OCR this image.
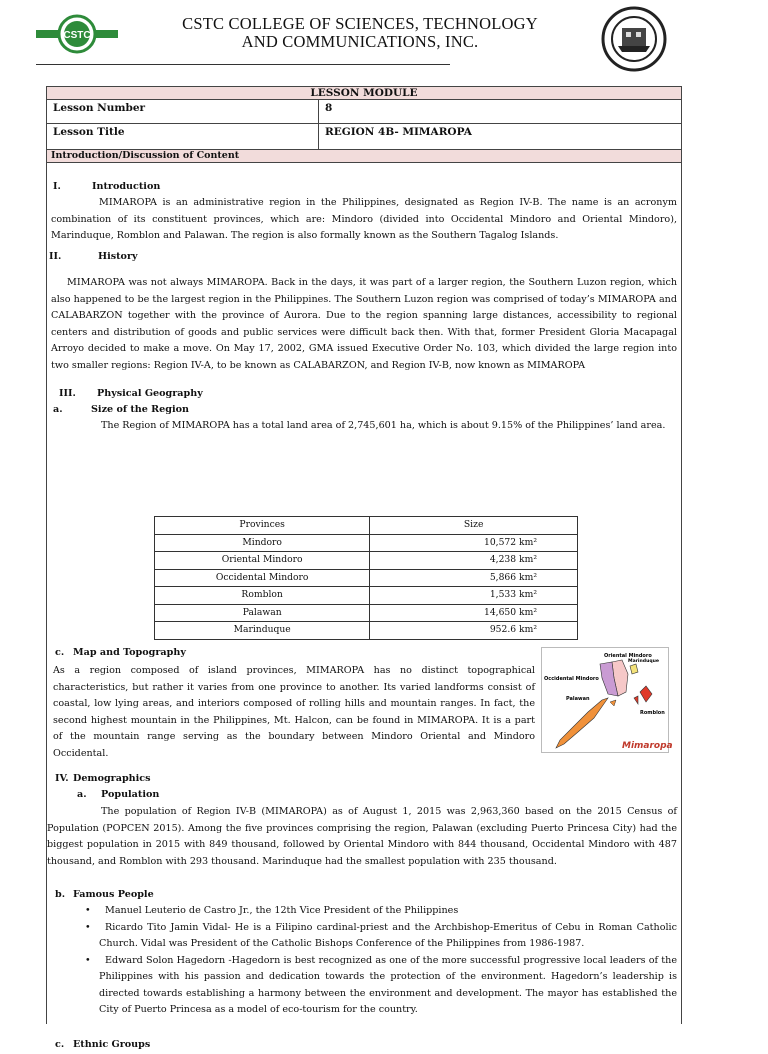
CSTC
CSTC COLLEGE OF SCIENCES, TECHNOLOGY
AND COMMUNICATIONS, INC.
LESSON MODULE
Lesson Number	8
Lesson Title	REGION 4B- MIMAROPA
Introduction/Discussion of Content
I.	Introduction

MIMAROPA is an administrative region in the Philippines, designated as Region IV-B. The name is an acronym combination of its constituent provinces, which are: Mindoro (divided into Occidental Mindoro and Oriental Mindoro), Marinduque, Romblon and Palawan. The region is also formally known as the Southern Tagalog Islands.

II.	History

MIMAROPA was not always MIMAROPA. Back in the days, it was part of a larger region, the Southern Luzon region, which also happened to be the largest region in the Philippines. The Southern Luzon region was comprised of today’s MIMAROPA and CALABARZON together with the province of Aurora. Due to the region spanning large distances, accessibility to regional centers and distribution of goods and public services were difficult back then. With that, former President Gloria Macapagal Arroyo decided to make a move. On May 17, 2002, GMA issued Executive Order No. 103, which divided the large region into two smaller regions: Region IV-A, to be known as CALABARZON, and Region IV-B, now known as MIMAROPA

III. Physical Geography
a.	Size of the Region

The Region of MIMAROPA has a total land area of 2,745,601 ha, which is about 9.15% of the Philippines’ land area.

Provinces	Size
Mindoro	10,572 km²
Oriental Mindoro	4,238 km²
Occidental Mindoro	5,866 km²
Romblon	1,533 km²
Palawan	14,650 km²
Marinduque	952.6 km²
c. Map and Topography

As a region composed of island provinces, MIMAROPA has no distinct topographical characteristics, but rather it varies from one province to another. Its varied landforms consist of coastal, low lying areas, and interiors composed of rolling hills and mountain ranges. In fact, the second highest mountain in the Philippines, Mt. Halcon, can be found in MIMAROPA. It is a part of the mountain range serving as the boundary between Mindoro Oriental and Mindoro Occidental.

Oriental Mindoro
Marinduque
Occidental Mindoro
Palawan
Romblon
Mimaropa
IV. Demographics
a. Population

The population of Region IV-B (MIMAROPA) as of August 1, 2015 was 2,963,360 based on the 2015 Census of Population (POPCEN 2015). Among the five provinces comprising the region, Palawan (excluding Puerto Princesa City) had the biggest population in 2015 with 849 thousand, followed by Oriental Mindoro with 844 thousand, Occidental Mindoro with 487 thousand, and Romblon with 293 thousand. Marinduque had the smallest population with 235 thousand.

b. Famous People
• Manuel Leuterio de Castro Jr., the 12th Vice President of the Philippines
• Ricardo Tito Jamin Vidal- He is a Filipino cardinal-priest and the Archbishop-Emeritus of Cebu in Roman Catholic Church. Vidal was President of the Catholic Bishops Conference of the Philippines from 1986-1987.
• Edward Solon Hagedorn -Hagedorn is best recognized as one of the more successful progressive local leaders of the Philippines with his passion and dedication towards the protection of the environment. Hagedorn’s leadership is directed towards establishing a harmony between the environment and development. The mayor has established the City of Puerto Princesa as a model of eco-tourism for the country.
c. Ethnic Groups
